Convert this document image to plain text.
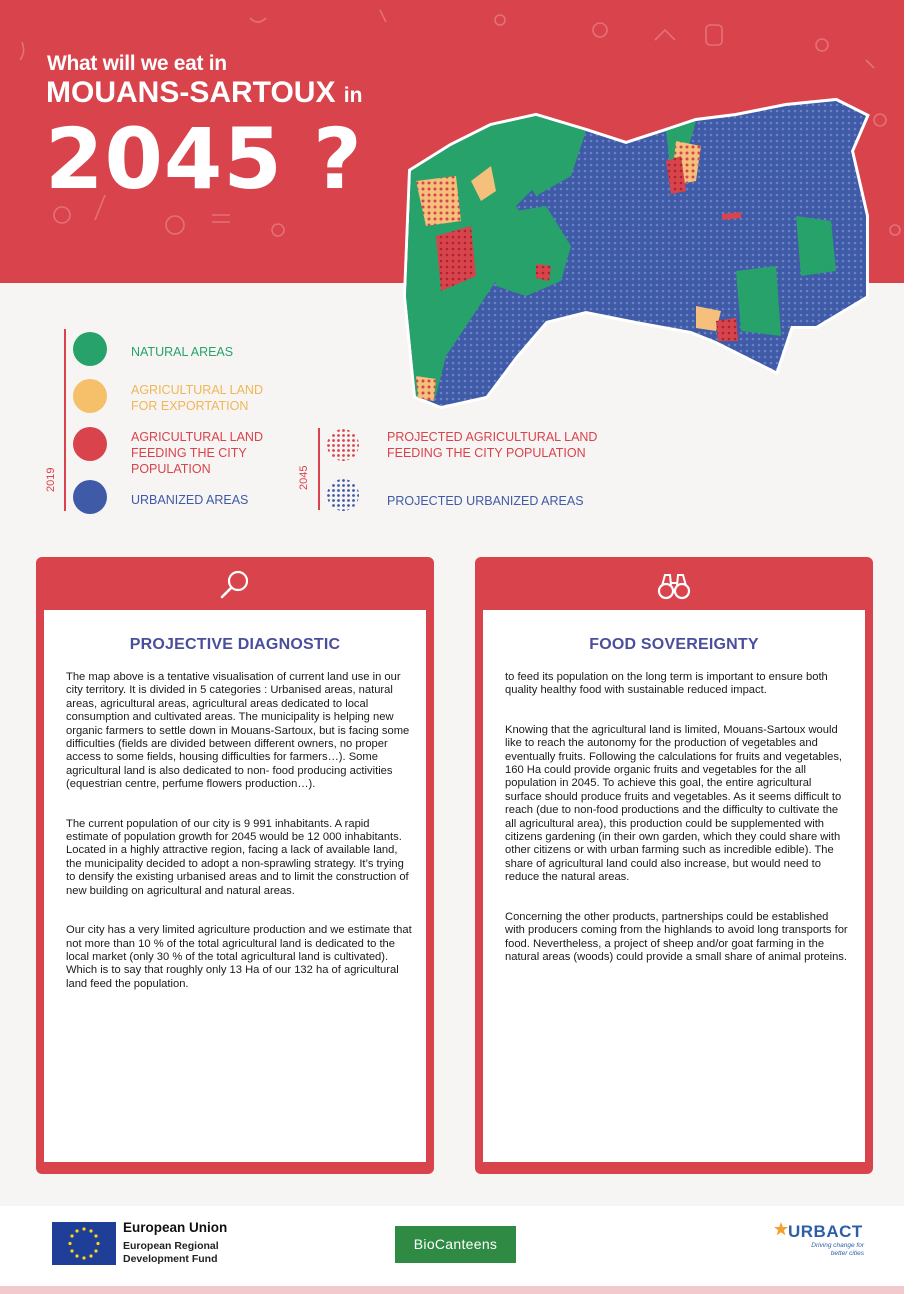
What will we eat in
MOUANS-SARTOUX in
2045 ?
2019
NATURAL AREAS
AGRICULTURAL LAND
FOR EXPORTATION
AGRICULTURAL LAND
FEEDING THE CITY
POPULATION
URBANIZED AREAS
2045
PROJECTED AGRICULTURAL LAND
FEEDING THE CITY POPULATION
PROJECTED URBANIZED AREAS
PROJECTIVE DIAGNOSTIC

The map above is a tentative visualisation of current land use in our city territory. It is divided in 5 categories : Urbanised areas, natural areas, agricultural areas, agricultural areas dedicated to local consumption and cultivated areas. The municipality is helping new organic farmers to settle down in Mouans-Sartoux, but is facing some difficulties (fields are divided between different owners, no proper access to some fields, housing difficulties for farmers…). Some agricultural land is also dedicated to non- food producing activities (equestrian centre, perfume flowers production…).

The current population of our city is 9 991 inhabitants. A rapid estimate of population growth for 2045 would be 12 000 inhabitants. Located in a highly attractive region, facing a lack of available land, the municipality decided to adopt a non-sprawling strategy. It’s trying to densify the existing urbanised areas and to limit the construction of new building on agricultural and natural areas.

Our city has a very limited agriculture production and we estimate that not more than 10 % of the total agricultural land is dedicated to the local market (only 30 % of the total agricultural land is cultivated). Which is to say that roughly only 13 Ha of our 132 ha of agricultural land feed the population.

FOOD SOVEREIGNTY

to feed its population on the long term is important to ensure both quality healthy food with sustainable reduced impact.

Knowing that the agricultural land is limited, Mouans-Sartoux would like to reach the autonomy for the production of vegetables and eventually fruits. Following the calculations for fruits and vegetables, 160 Ha could provide organic fruits and vegetables for the all population in 2045. To achieve this goal, the entire agricultural surface should produce fruits and vegetables. As it seems difficult to reach (due to non-food productions and the difficulty to cultivate the all agricultural area), this production could be supplemented with citizens gardening (in their own garden, which they could share with other citizens or with urban farming such as incredible edible). The share of agricultural land could also increase, but would need to reduce the natural areas.

Concerning the other products, partnerships could be established with producers coming from the highlands to avoid long transports for food. Nevertheless, a project of sheep and/or goat farming in the natural areas (woods) could provide a small share of animal proteins.

European Union
European Regional
Development Fund
BioCanteens
URBACT
Driving change for
better cities
